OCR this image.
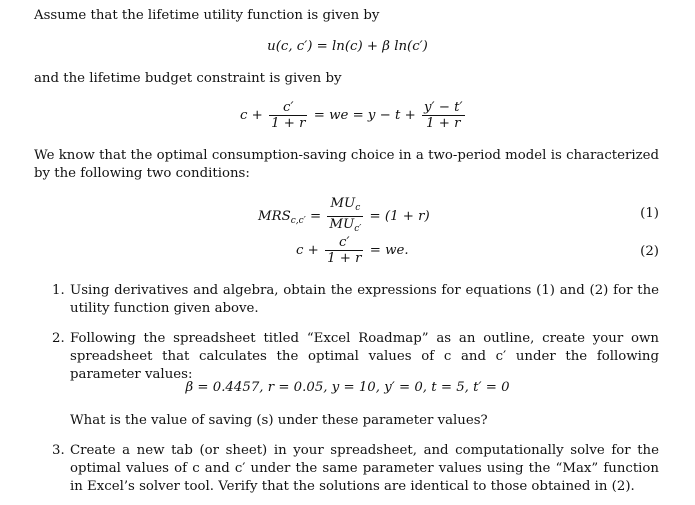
Assume that the lifetime utility function is given by
u(c, c′) = ln(c) + β ln(c′)
and the lifetime budget constraint is given by
$c + \frac{c'}{1 + r}$ = we = $y - t + \frac{y' - t'}{1 + r}$
We know that the optimal consumption-saving choice in a two-period model is characterized by the following two conditions:
$MRS_{c,c'} = \frac{MU_c}{MU_{c'}} = (1 + r)$	(1)
$c + \frac{c'}{1 + r}$ = we.	(2)
1. Using derivatives and algebra, obtain the expressions for equations (1) and (2) for the utility function given above.
2. Following the spreadsheet titled “Excel Roadmap” as an outline, create your own spreadsheet that calculates the optimal values of c and c′ under the following parameter values:
β = 0.4457, r = 0.05, y = 10, y′ = 0, t = 5, t′ = 0
What is the value of saving (s) under these parameter values?
3. Create a new tab (or sheet) in your spreadsheet, and computationally solve for the optimal values of c and c′ under the same parameter values using the “Max” function in Excel’s solver tool. Verify that the solutions are identical to those obtained in (2).
